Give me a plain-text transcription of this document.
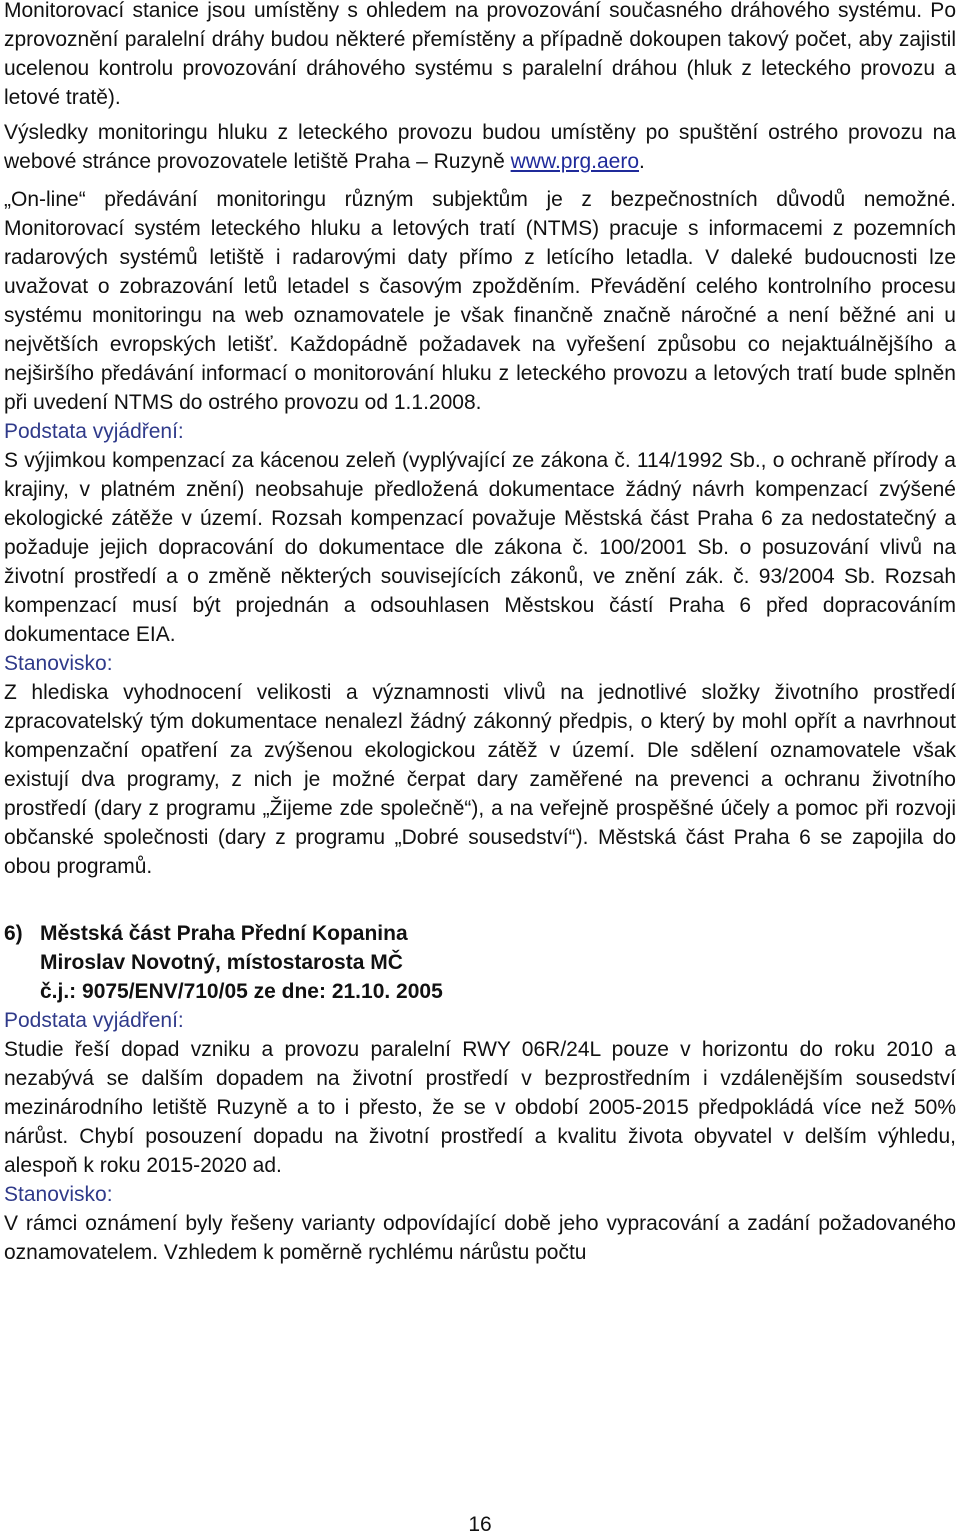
Monitorovací stanice jsou umístěny s ohledem na provozování současného dráhového systému. Po zprovoznění paralelní dráhy budou některé přemístěny a případně dokoupen takový počet, aby zajistil ucelenou kontrolu provozování dráhového systému s paralelní dráhou (hluk z leteckého provozu a letové tratě).

Výsledky monitoringu hluku z leteckého provozu budou umístěny po spuštění ostrého provozu na webové stránce provozovatele letiště Praha – Ruzyně www.prg.aero.

„On-line“ předávání monitoringu různým subjektům je z bezpečnostních důvodů nemožné. Monitorovací systém leteckého hluku a letových tratí (NTMS) pracuje s informacemi z pozemních radarových systémů letiště i radarovými daty přímo z letícího letadla. V daleké budoucnosti lze uvažovat o zobrazování letů letadel s časovým zpožděním. Převádění celého kontrolního procesu systému monitoringu na web oznamovatele je však finančně značně náročné a není běžné ani u největších evropských letišť. Každopádně požadavek na vyřešení způsobu co nejaktuálnějšího a nejširšího předávání informací o monitorování hluku z leteckého provozu a letových tratí bude splněn při uvedení NTMS do ostrého provozu od 1.1.2008.

Podstata vyjádření:

S výjimkou kompenzací za kácenou zeleň (vyplývající ze zákona č. 114/1992 Sb., o ochraně přírody a krajiny, v platném znění) neobsahuje předložená dokumentace žádný návrh kompenzací zvýšené ekologické zátěže v území. Rozsah kompenzací považuje Městská část Praha 6 za nedostatečný a požaduje jejich dopracování do dokumentace dle zákona č. 100/2001 Sb. o posuzování vlivů na životní prostředí a o změně některých souvisejících zákonů, ve znění zák. č. 93/2004 Sb. Rozsah kompenzací musí být projednán a odsouhlasen Městskou částí Praha 6 před dopracováním dokumentace EIA.

Stanovisko:

Z hlediska vyhodnocení velikosti a významnosti vlivů na jednotlivé složky životního prostředí zpracovatelský tým dokumentace nenalezl žádný zákonný předpis, o který by mohl opřít a navrhnout kompenzační opatření za zvýšenou ekologickou zátěž v území. Dle sdělení oznamovatele však existují dva programy, z nich je možné čerpat dary zaměřené na prevenci a ochranu životního prostředí (dary z programu „Žijeme zde společně“), a na veřejně prospěšné účely a pomoc při rozvoji občanské společnosti (dary z programu „Dobré sousedství“). Městská část Praha 6 se zapojila do obou programů.

6) Městská část Praha Přední Kopanina
Miroslav Novotný, místostarosta MČ
č.j.: 9075/ENV/710/05 ze dne: 21.10. 2005

Podstata vyjádření:

Studie řeší dopad vzniku a provozu paralelní RWY 06R/24L pouze v horizontu do roku 2010 a nezabývá se dalším dopadem na životní prostředí v bezprostředním i vzdálenějším sousedství mezinárodního letiště Ruzyně a to i přesto, že se v období 2005-2015 předpokládá více než 50% nárůst. Chybí posouzení dopadu na životní prostředí a kvalitu života obyvatel v delším výhledu, alespoň k roku 2015-2020 ad.

Stanovisko:

V rámci oznámení byly řešeny varianty odpovídající době jeho vypracování a zadání požadovaného oznamovatelem. Vzhledem k poměrně rychlému nárůstu počtu

16
